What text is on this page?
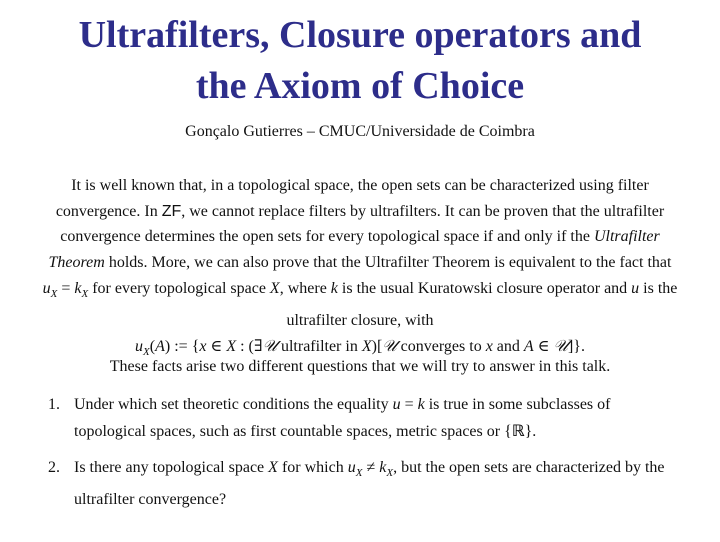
Ultrafilters, Closure operators and
the Axiom of Choice
Gonçalo Gutierres – CMUC/Universidade de Coimbra
It is well known that, in a topological space, the open sets can be characterized using filter convergence. In ZF, we cannot replace filters by ultrafilters. It can be proven that the ultrafilter convergence determines the open sets for every topological space if and only if the Ultrafilter Theorem holds. More, we can also prove that the Ultrafilter Theorem is equivalent to the fact that $u_X = k_X$ for every topological space X, where k is the usual Kuratowski closure operator and u is the ultrafilter closure, with
$u_X(A)$ := {x ∈ X : (∃𝒰 ultrafilter in X)[𝒰 converges to x and A ∈ 𝒰]}.
These facts arise two different questions that we will try to answer in this talk.
1. Under which set theoretic conditions the equality u = k is true in some subclasses of topological spaces, such as first countable spaces, metric spaces or {ℝ}.
2. Is there any topological space X for which $u_X \ne k_X$, but the open sets are characterized by the ultrafilter convergence?
